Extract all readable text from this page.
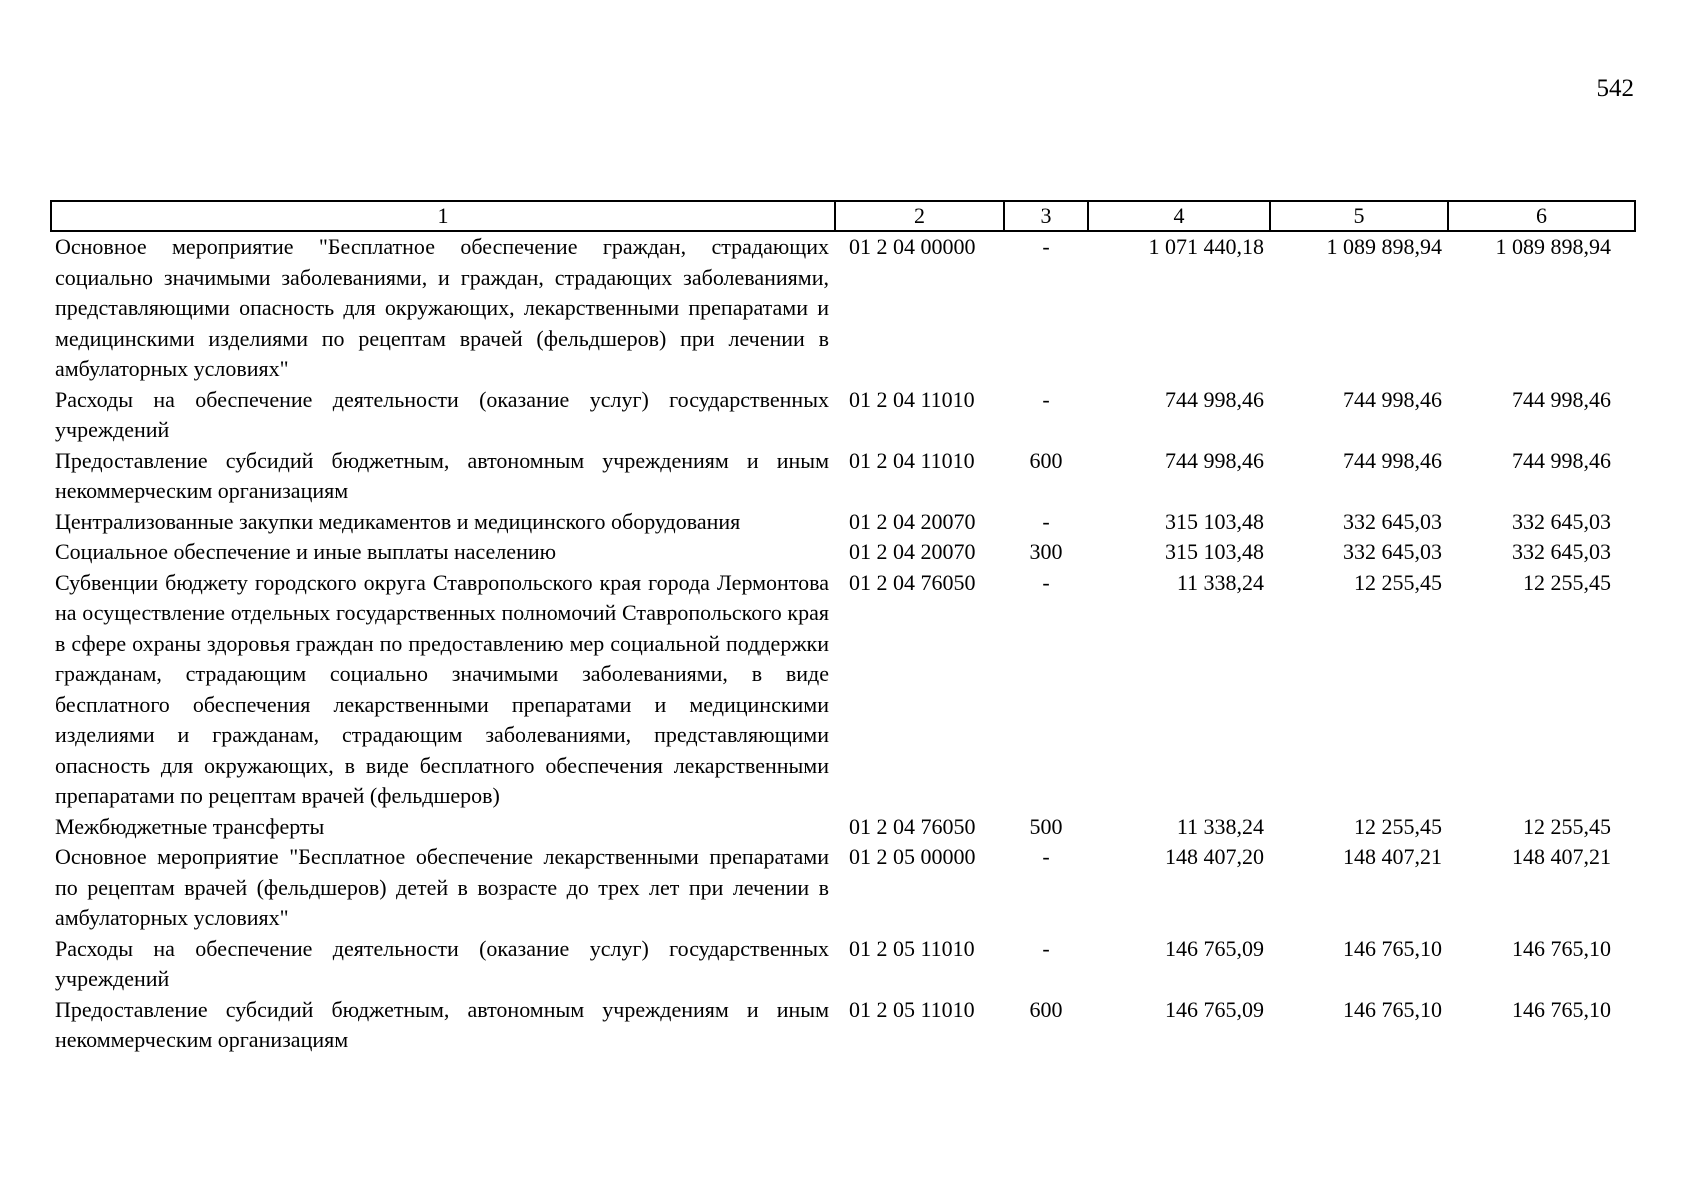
542
1	2	3	4	5	6
Основное мероприятие "Бесплатное обеспечение граждан, страдающих социально значимыми заболеваниями, и граждан, страдающих заболеваниями, представляющими опасность для окружающих, лекарственными препаратами и медицинскими изделиями по рецептам врачей (фельдшеров) при лечении в амбулаторных условиях"	01 2 04 00000	-	1 071 440,18	1 089 898,94	1 089 898,94
Расходы на обеспечение деятельности (оказание услуг) государственных учреждений	01 2 04 11010	-	744 998,46	744 998,46	744 998,46
Предоставление субсидий бюджетным, автономным учреждениям и иным некоммерческим организациям	01 2 04 11010	600	744 998,46	744 998,46	744 998,46
Централизованные закупки медикаментов и медицинского оборудования	01 2 04 20070	-	315 103,48	332 645,03	332 645,03
Социальное обеспечение и иные выплаты населению	01 2 04 20070	300	315 103,48	332 645,03	332 645,03
Субвенции бюджету городского округа Ставропольского края города Лермонтова на осуществление отдельных государственных полномочий Ставропольского края в сфере охраны здоровья граждан по предоставлению мер социальной поддержки гражданам, страдающим социально значимыми заболеваниями, в виде бесплатного обеспечения лекарственными препаратами и медицинскими изделиями и гражданам, страдающим заболеваниями, представляющими опасность для окружающих, в виде бесплатного обеспечения лекарственными препаратами по рецептам врачей (фельдшеров)	01 2 04 76050	-	11 338,24	12 255,45	12 255,45
Межбюджетные трансферты	01 2 04 76050	500	11 338,24	12 255,45	12 255,45
Основное мероприятие "Бесплатное обеспечение лекарственными препаратами по рецептам врачей (фельдшеров) детей в возрасте до трех лет при лечении в амбулаторных условиях"	01 2 05 00000	-	148 407,20	148 407,21	148 407,21
Расходы на обеспечение деятельности (оказание услуг) государственных учреждений	01 2 05 11010	-	146 765,09	146 765,10	146 765,10
Предоставление субсидий бюджетным, автономным учреждениям и иным некоммерческим организациям	01 2 05 11010	600	146 765,09	146 765,10	146 765,10
